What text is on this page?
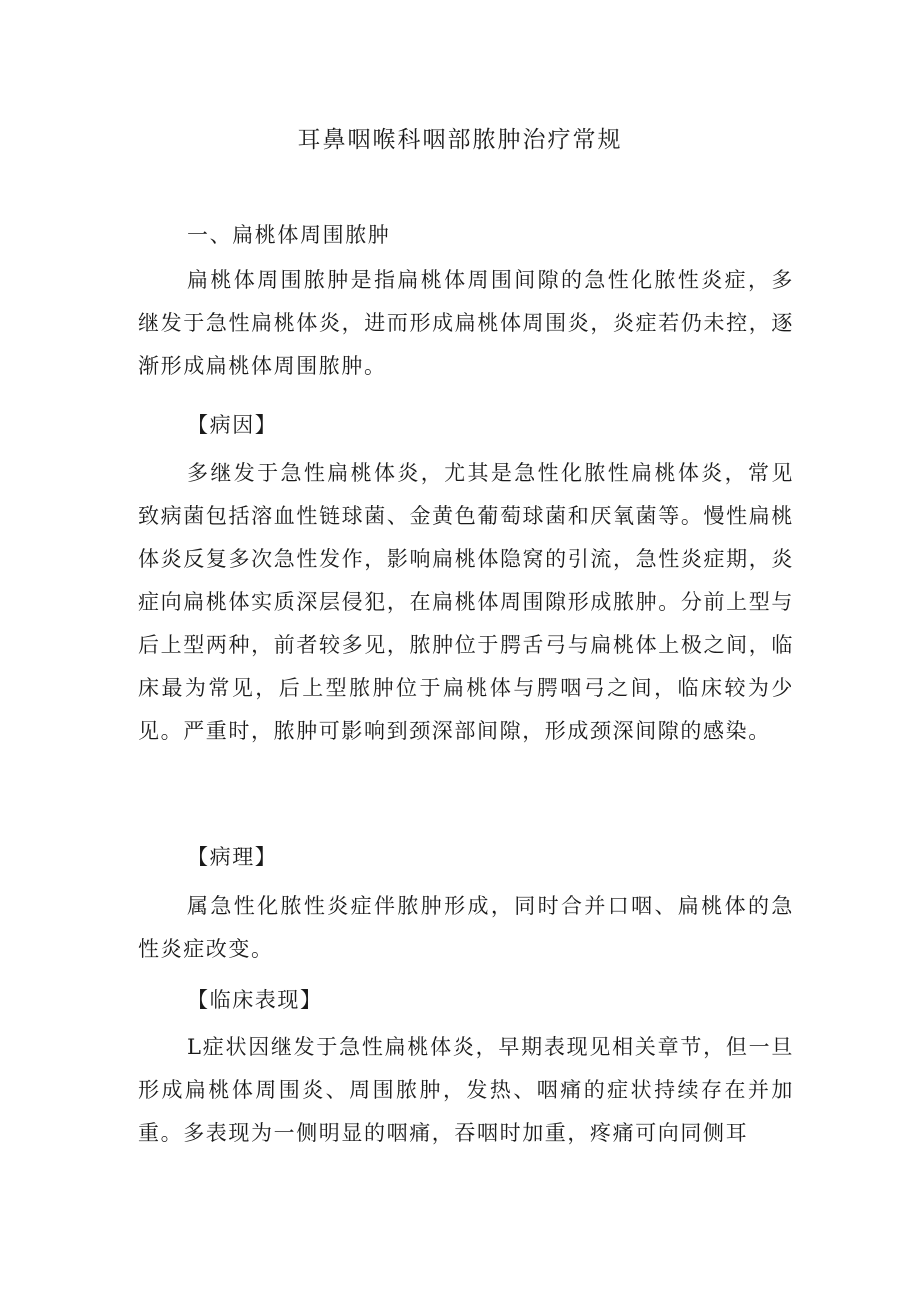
耳鼻咽喉科咽部脓肿治疗常规
一、扁桃体周围脓肿

扁桃体周围脓肿是指扁桃体周围间隙的急性化脓性炎症，多继发于急性扁桃体炎，进而形成扁桃体周围炎，炎症若仍未控，逐渐形成扁桃体周围脓肿。

【病因】

多继发于急性扁桃体炎，尤其是急性化脓性扁桃体炎，常见致病菌包括溶血性链球菌、金黄色葡萄球菌和厌氧菌等。慢性扁桃体炎反复多次急性发作，影响扁桃体隐窝的引流，急性炎症期，炎症向扁桃体实质深层侵犯，在扁桃体周围隙形成脓肿。分前上型与后上型两种，前者较多见，脓肿位于腭舌弓与扁桃体上极之间，临床最为常见，后上型脓肿位于扁桃体与腭咽弓之间，临床较为少见。严重时，脓肿可影响到颈深部间隙，形成颈深间隙的感染。

【病理】

属急性化脓性炎症伴脓肿形成，同时合并口咽、扁桃体的急性炎症改变。

【临床表现】

L症状因继发于急性扁桃体炎，早期表现见相关章节，但一旦形成扁桃体周围炎、周围脓肿，发热、咽痛的症状持续存在并加重。多表现为一侧明显的咽痛，吞咽时加重，疼痛可向同侧耳
